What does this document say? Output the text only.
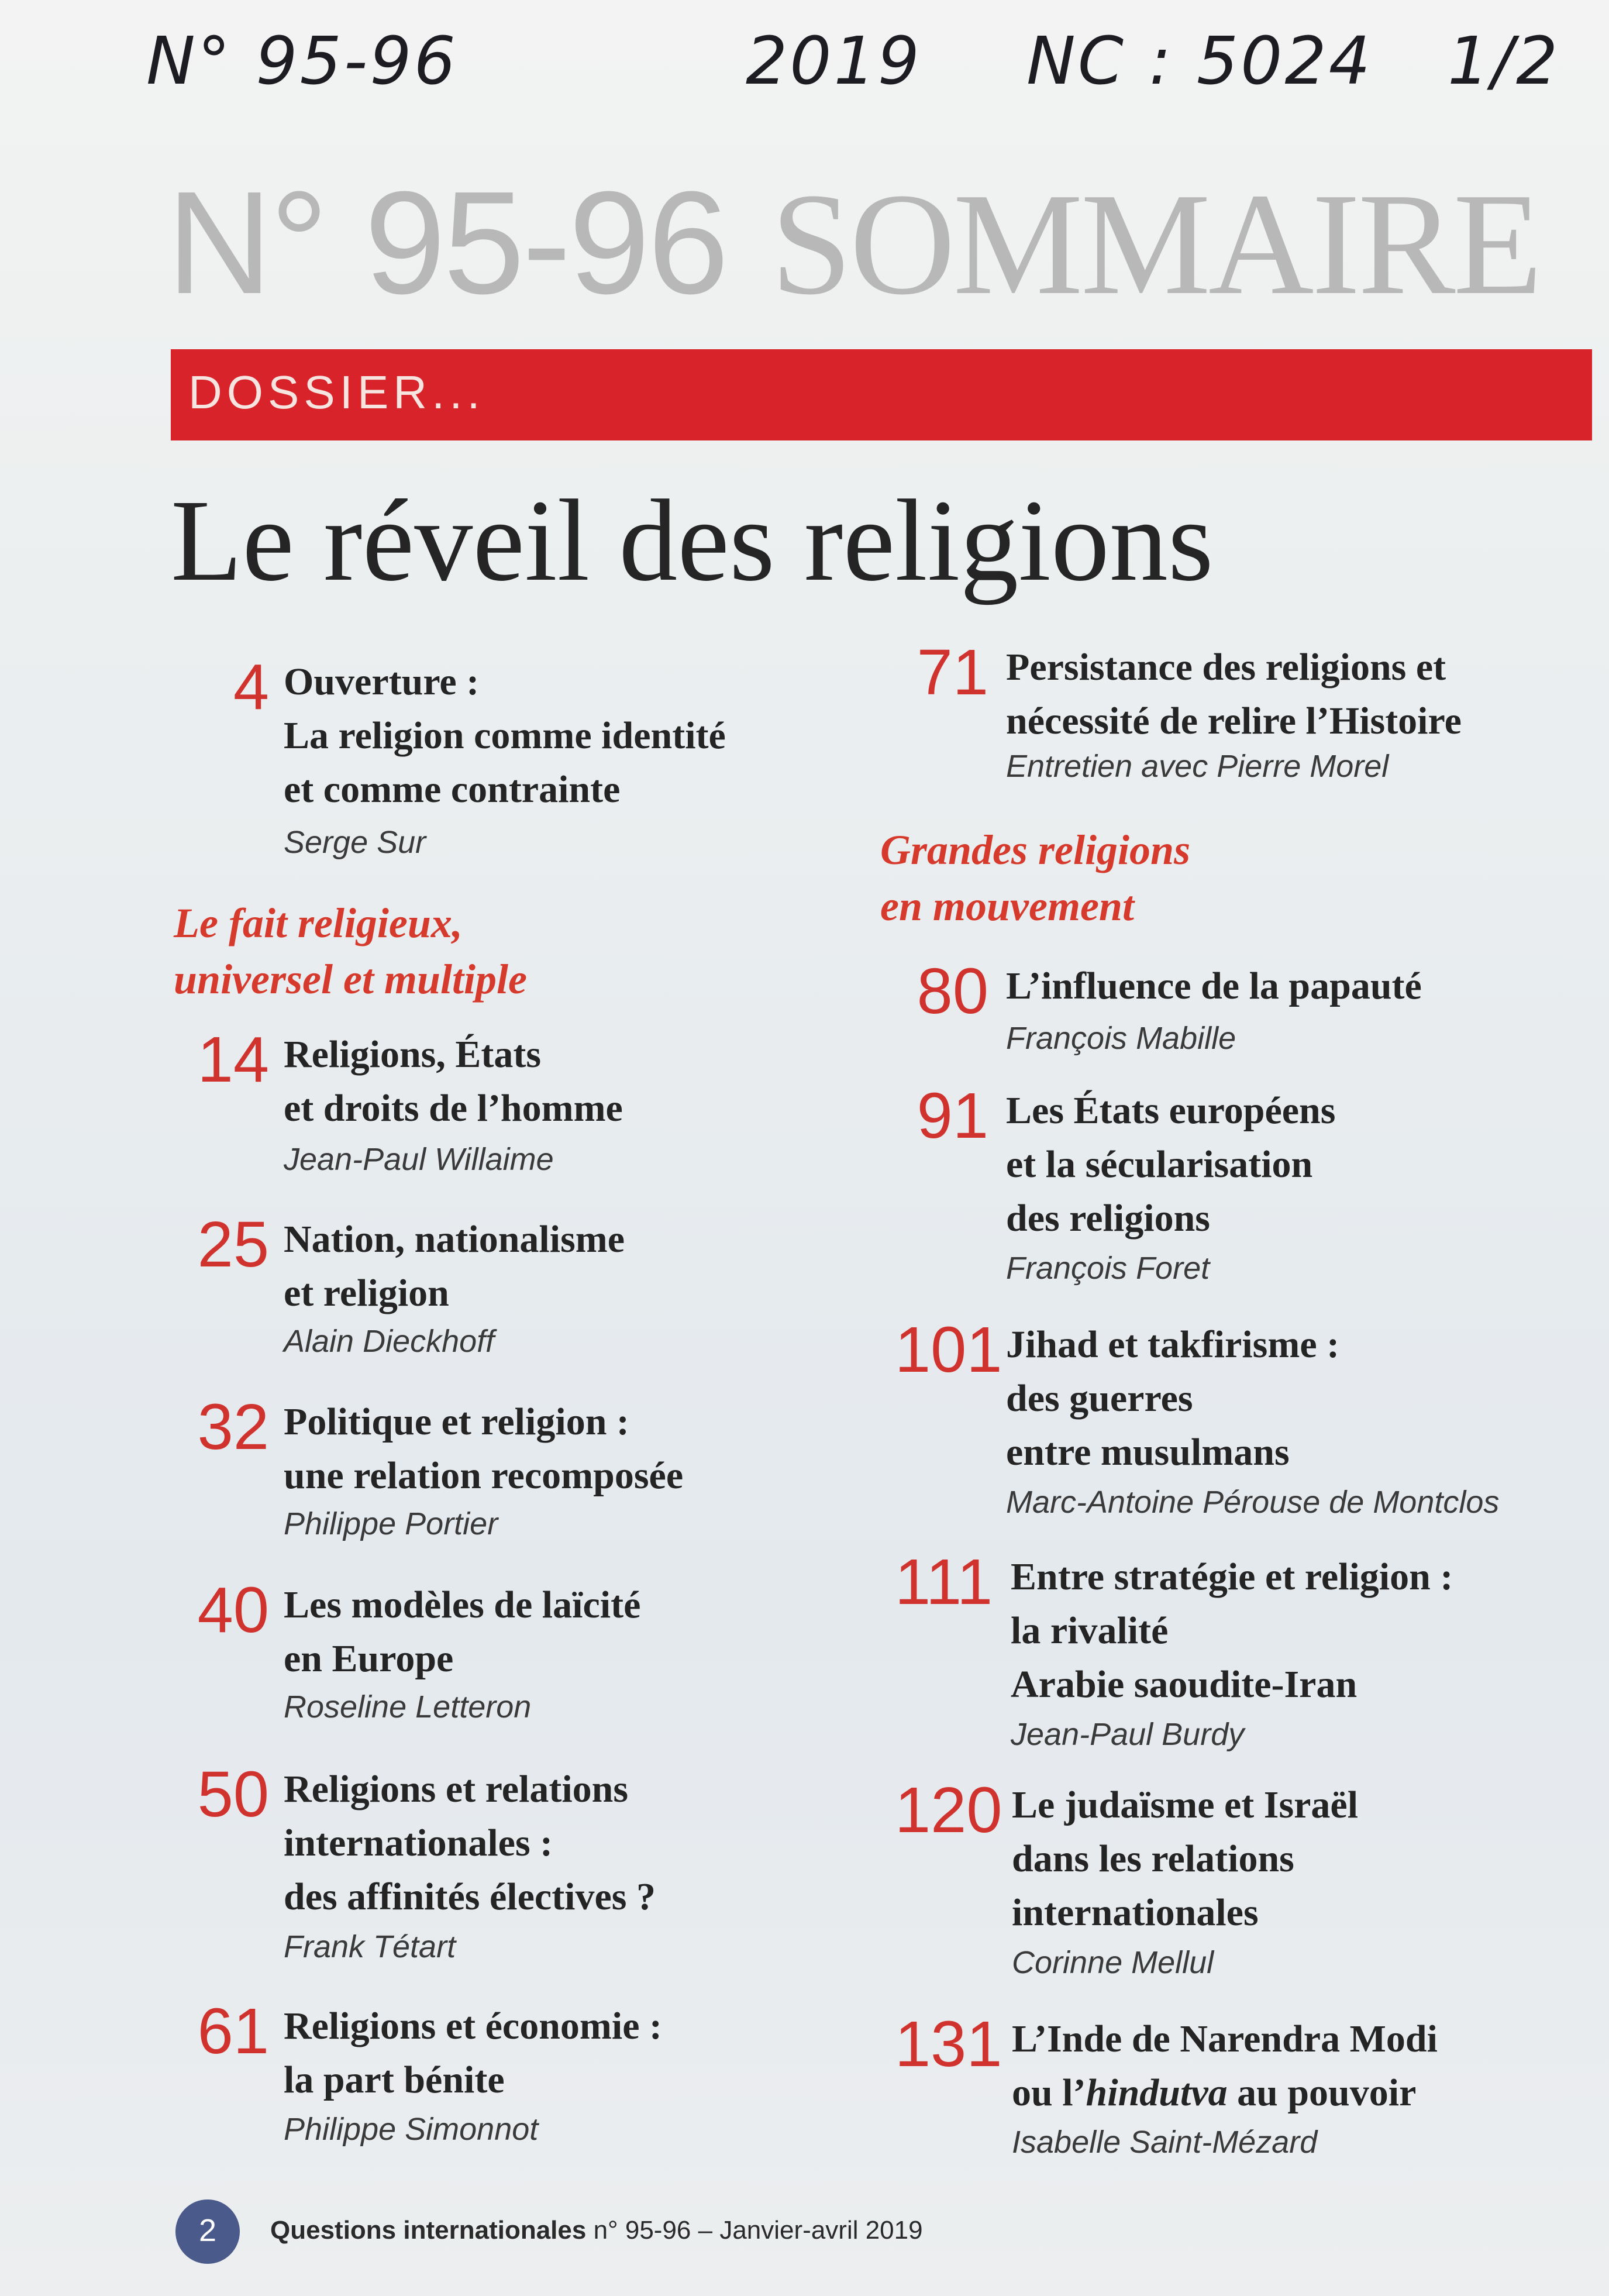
N° 95-96	2019 NC : 5024 1/2
N° 95-96 SOMMAIRE
DOSSIER...
Le réveil des religions
4 Ouverture :
La religion comme identité
et comme contrainte
Serge Sur
Le fait religieux,
universel et multiple
14 Religions, États
et droits de l’homme
Jean-Paul Willaime
25 Nation, nationalisme
et religion
Alain Dieckhoff
32 Politique et religion :
une relation recomposée
Philippe Portier
40 Les modèles de laïcité
en Europe
Roseline Letteron
50 Religions et relations
internationales :
des affinités électives ?
Frank Tétart
61 Religions et économie :
la part bénite
Philippe Simonnot
71 Persistance des religions et
nécessité de relire l’Histoire
Entretien avec Pierre Morel
Grandes religions
en mouvement
80 L’influence de la papauté
François Mabille
91 Les États européens
et la sécularisation
des religions
François Foret
101 Jihad et takfirisme :
des guerres
entre musulmans
Marc-Antoine Pérouse de Montclos
111 Entre stratégie et religion :
la rivalité
Arabie saoudite-Iran
Jean-Paul Burdy
120 Le judaïsme et Israël
dans les relations
internationales
Corinne Mellul
131 L’Inde de Narendra Modi
ou l’hindutva au pouvoir
Isabelle Saint-Mézard
2	Questions internationales n° 95-96 – Janvier-avril 2019
